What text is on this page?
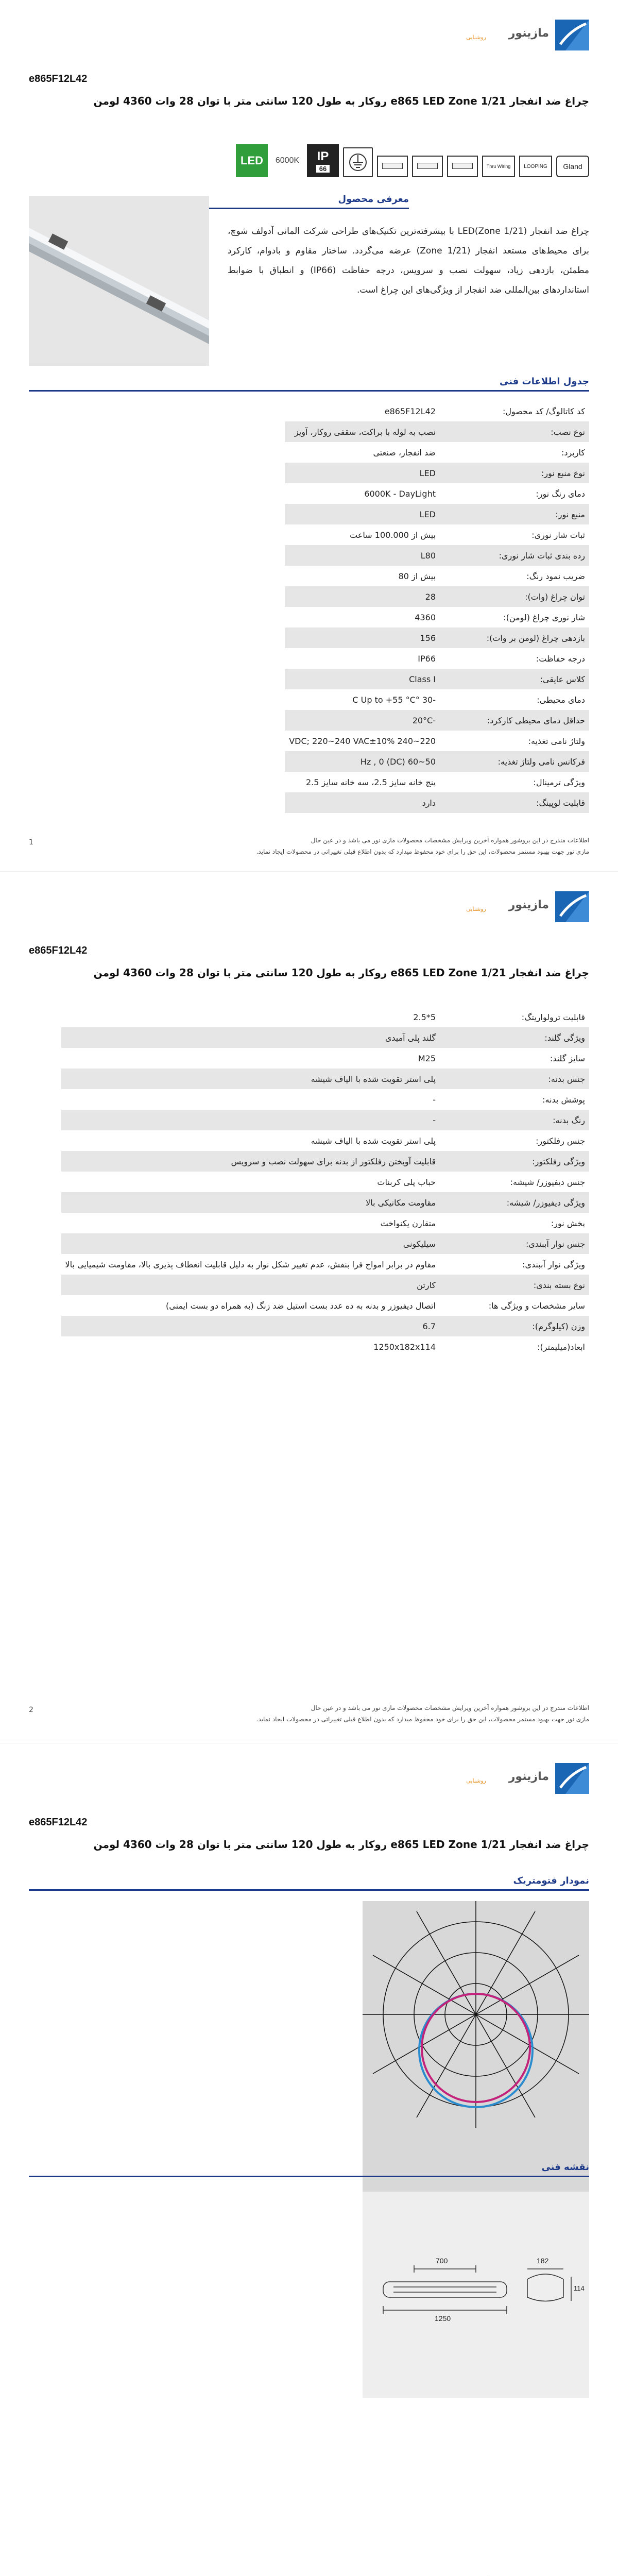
مازینور
روشنایی
e865F12L42
چراغ ضد انفجار e865 LED Zone 1/21 روکار به طول 120 سانتی متر با توان 28 وات 4360 لومن
LED 6000K IP
66	Thru Wiring	LOOPING Gland
معرفی محصول
چراغ ضد انفجار (LED(Zone 1/21 با بیشرفته‌ترین تکنیک‌های طراحی شرکت المانی آدولف شوچ، برای محیط‌های مستعد انفجار (Zone 1/21) عرضه می‌گردد. ساختار مقاوم و بادوام، کارکرد مطمئن، بازدهی زیاد، سهولت نصب و سرویس، درجه حفاظت (IP66) و انطباق با ضوابط استانداردهای بین‌المللی ضد انفجار از ویژگی‌های این چراغ است.
جدول اطلاعات فنی
کد کاتالوگ/ کد محصول:	e865F12L42
نوع نصب:	نصب به لوله با براکت، سقفی روکار، آویز
کاربرد:	ضد انفجار، صنعتی
نوع منبع نور:	LED
دمای رنگ نور:	6000K - DayLight
منبع نور:	LED
ثبات شار نوری:	بیش از 100.000 ساعت
رده بندی ثبات شار نوری:	L80
ضریب نمود رنگ:	بیش از 80
توان چراغ (وات):	28
شار نوری چراغ (لومن):	4360
بازدهی چراغ (لومن بر وات):	156
درجه حفاظت:	IP66
کلاس عایقی:	Class I
دمای محیطی:	-30 °C Up to +55 °C
حداقل دمای محیطی کارکرد:	-20°C
ولتاژ نامی تغذیه:	220~240 VDC; 220~240 VAC±10%
فرکانس نامی ولتاژ تغذیه:	50~60 Hz , 0 (DC)
ویژگی ترمینال:	پنج خانه سایز 2.5، سه خانه سایز 2.5
قابلیت لوپینگ:	دارد
اطلاعات مندرج در این بروشور همواره آخرین ویرایش مشخصات محصولات مازی نور می باشد و در عین حال
مازی نور جهت بهبود مستمر محصولات، این حق را برای خود محفوظ میدارد که بدون اطلاع قبلی تغییراتی در محصولات ایجاد نماید.
1
مازینور
روشنایی
e865F12L42
چراغ ضد انفجار e865 LED Zone 1/21 روکار به طول 120 سانتی متر با توان 28 وات 4360 لومن
قابلیت ترولواریتگ:	5*2.5
ویژگی گلند:	گلند پلی آمیدی
سایز گلند:	M25
جنس بدنه:	پلی استر تقویت شده با الیاف شیشه
پوشش بدنه:	-
رنگ بدنه:	-
جنس رفلکتور:	پلی استر تقویت شده با الیاف شیشه
ویژگی رفلکتور:	قابلیت آویختن رفلکتور از بدنه برای سهولت نصب و سرویس
جنس دیفیوزر/ شیشه:	حباب پلی کربنات
ویژگی دیفیوزر/ شیشه:	مقاومت مکانیکی بالا
پخش نور:	متقارن یکنواخت
جنس نوار آببندی:	سیلیکونی
ویژگی نوار آببندی:	مقاوم در برابر امواج فرا بنفش، عدم تغییر شکل نوار به دلیل قابلیت انعطاف پذیری بالا، مقاومت شیمیایی بالا
نوع بسته بندی:	کارتن
سایر مشخصات و ویژگی ها:	اتصال دیفیوزر و بدنه به ده عدد بست استیل ضد زنگ (به همراه دو بست ایمنی)
وزن (کیلوگرم):	6.7
ابعاد(میلیمتر):	1250x182x114
اطلاعات مندرج در این بروشور همواره آخرین ویرایش مشخصات محصولات مازی نور می باشد و در عین حال
مازی نور جهت بهبود مستمر محصولات، این حق را برای خود محفوظ میدارد که بدون اطلاع قبلی تغییراتی در محصولات ایجاد نماید.
2
مازینور
روشنایی
e865F12L42
چراغ ضد انفجار e865 LED Zone 1/21 روکار به طول 120 سانتی متر با توان 28 وات 4360 لومن
نمودار فتومتریک
نقشه فنی
1250
700	182
114
